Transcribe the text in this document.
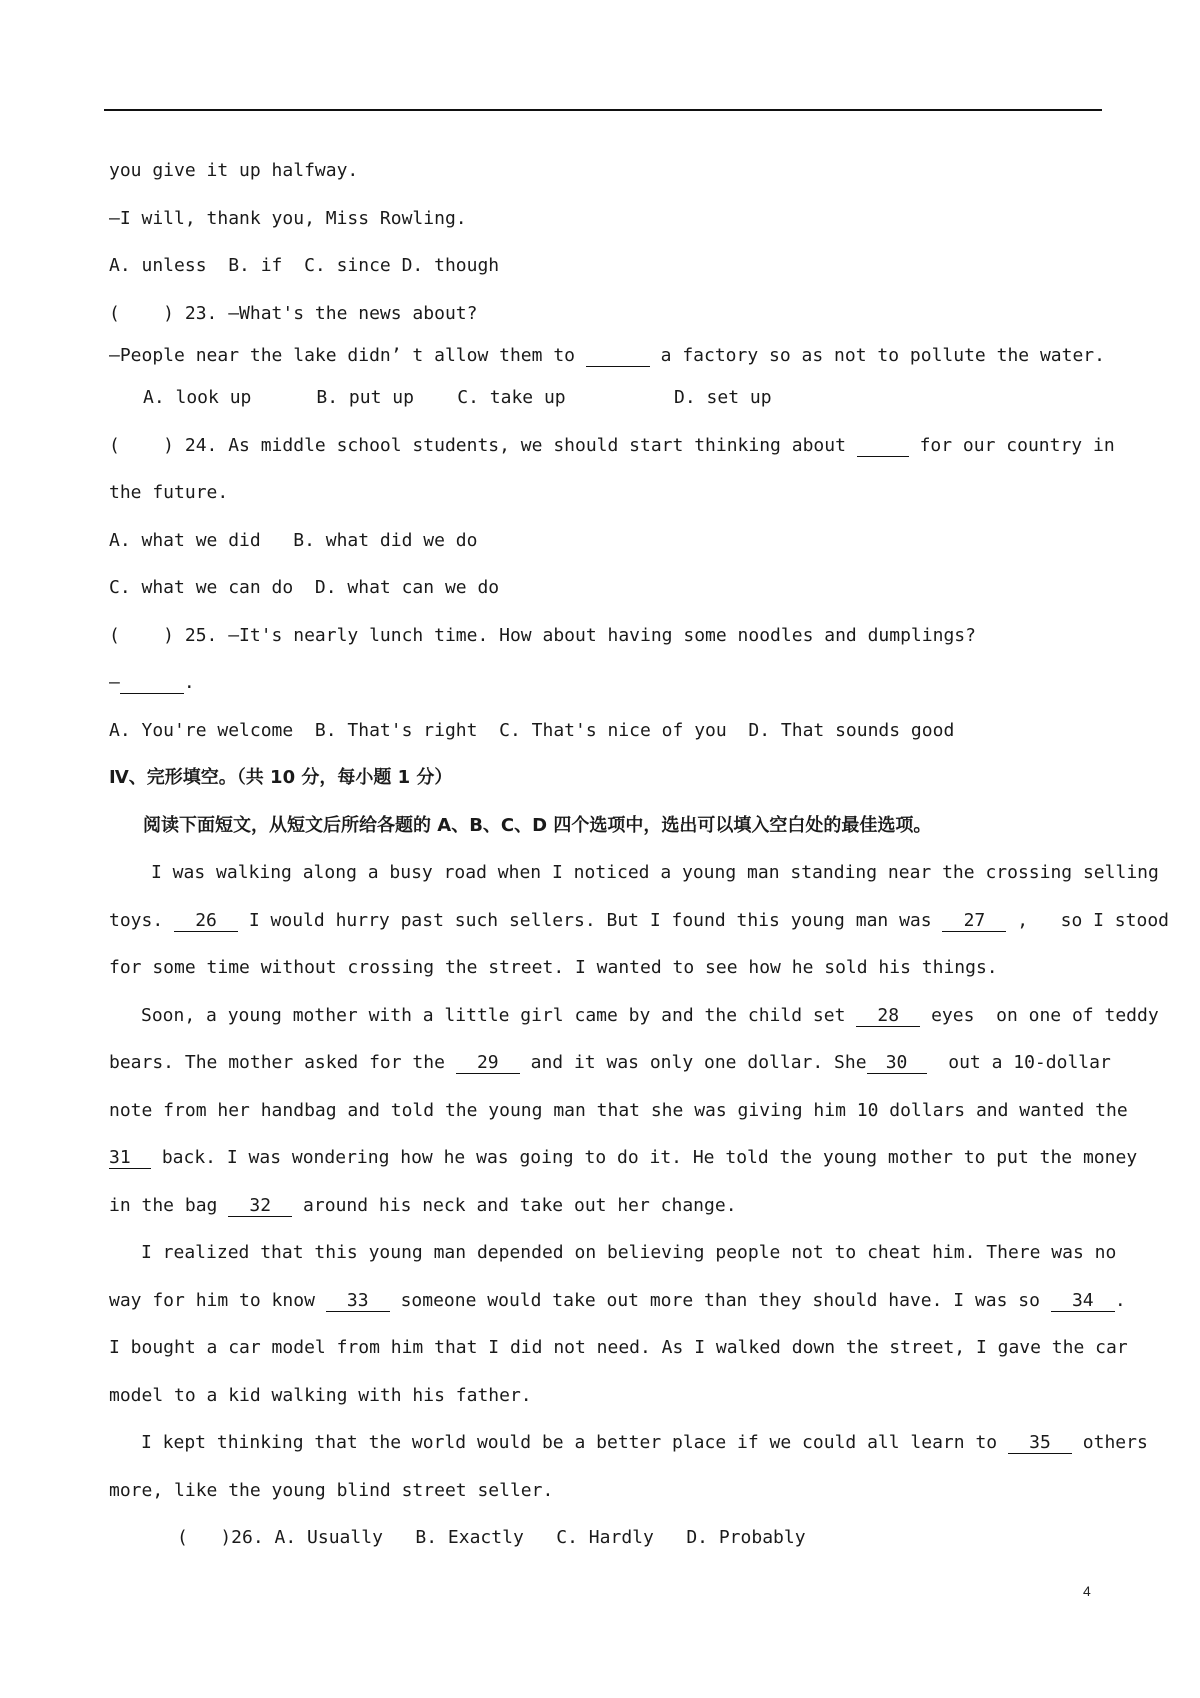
you give it up halfway.
—I will, thank you, Miss Rowling.
A. unless  B. if  C. since D. though
(    ) 23. —What's the news about?
—People near the lake didn’ t allow them to	a factory so as not to pollute the water.
A. look up      B. put up    C. take up          D. set up
(    ) 24. As middle school students, we should start thinking about	for our country in
the future.
A. what we did   B. what did we do
C. what we can do  D. what can we do
(    ) 25. —It's nearly lunch time. How about having some noodles and dumplings?
—	.
A. You're welcome  B. That's right  C. That's nice of you  D. That sounds good
Ⅳ、完形填空。（共 10 分，每小题 1 分）
阅读下面短文，从短文后所给各题的 A、B、C、D 四个选项中，选出可以填入空白处的最佳选项。
I was walking along a busy road when I noticed a young man standing near the crossing selling
toys. 26 I would hurry past such sellers. But I found this young man was 27 ,   so I stood
for some time without crossing the street. I wanted to see how he sold his things.
Soon, a young mother with a little girl came by and the child set 28 eyes  on one of teddy
bears. The mother asked for the 29 and it was only one dollar. She 30  out a 10-dollar
note from her handbag and told the young man that she was giving him 10 dollars and wanted the
31 back. I was wondering how he was going to do it. He told the young mother to put the money
in the bag 32 around his neck and take out her change.
I realized that this young man depended on believing people not to cheat him. There was no
way for him to know 33 someone would take out more than they should have. I was so 34 .
I bought a car model from him that I did not need. As I walked down the street, I gave the car
model to a kid walking with his father.
I kept thinking that the world would be a better place if we could all learn to 35 others
more, like the young blind street seller.
(   )26. A. Usually   B. Exactly   C. Hardly   D. Probably
4
